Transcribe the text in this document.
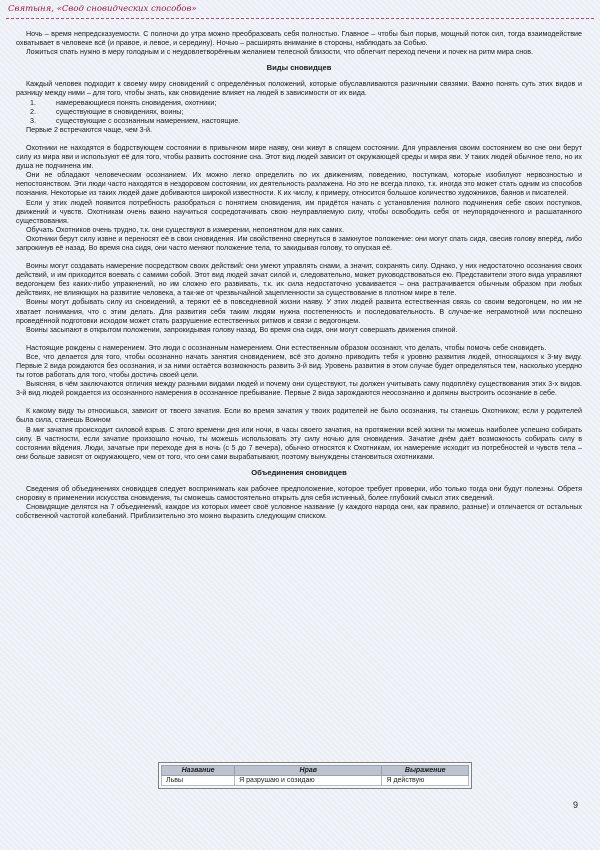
Святыня, «Свод сновидческих способов»

Ночь – время непредсказуемости. С полночи до утра можно преобразовать себя полностью. Главное – чтобы был порыв, мощный поток сил, тогда взаимодействие охватывает в человеке всё (и правое, и левое, и середину). Ночью – расширять внимание в стороны, наблюдать за Собью.

Ложиться спать нужно в меру голодным и с неудовлетворённым желанием телесной близости, что облегчит переход печени и почек на ритм мира снов.

Виды сновидцев

Каждый человек подходит к своему миру сновидений с определённых положений, которые обуславливаются разичными связями. Важно понять суть этих видов и разницу между ними – для того, чтобы знать, как сновидение влияет на людей в зависимости от их вида.

1. намеревающиеся понять сновидения, охотники;
2. существующие в сновидениях, воины;
3. существующие с осознанным намерением, настоящие.

Первые 2 встречаются чаще, чем 3-й.

Охотники не находятся в бодрствующем состоянии в привычном мире наяву, они живут в спящем состоянии. Для управления своим состоянием во сне они берут силу из мира яви и используют её для того, чтобы развить состояние сна. Этот вид людей зависит от окружающей среды и мира яви. У таких людей обычное тело, но их душа не подчинена им.

Они не обладают человеческим осознанием. Их можно легко определить по их движениям, поведению, поступкам, которые изобилуют нервозностью и непостоянством. Эти люди часто находятся в нездоровом состоянии, их деятельность разлажена. Но это не всегда плохо, т.к. иногда это может стать одним из способов познания. Некоторые из таких людей даже добиваются широкой известности. К их числу, к примеру, относится большое количество художников, баянов и писателей.

Если у этих людей появится потребность разобраться с понятием сновидения, им придётся начать с установления полного подчинения себе своих поступков, движений и чувств. Охотникам очень важно научиться сосредотачивать свою неуправляемую силу, чтобы освободить себя от неупорядоченного и расшатанного существования.

Обучать Охотников очень трудно, т.к. они существуют в измерении, непонятном для них самих.

Охотники берут силу извне и переносят её в свои сновидения. Им свойственно свернуться в замкнутое положение: они могут спать сидя, свесив голову вперёд, либо запрокинув её назад. Во время сна сидя, они часто меняют положение тела, то закидывая голову, то опуская её.

Воины могут создавать намерение посредством своих действий: они умеют управлять снами, а значит, сохранять силу. Однако, у них недостаточно осознания своих действий, и им приходится воевать с самими собой. Этот вид людей зачат силой и, следовательно, может руководствоваться ею. Представители этого вида управляют ведогонцем без каких-либо упражнений, но им сложно его развивать, т.к. их сила недостаточно усваивается – она растрачивается обычным образом при любых действиях, не влияющих на развитие человека, а так-же от чрезвычайной зацепленности за существование в плотном мире в теле.

Воины могут добывать силу из сновидений, а теряют её в повседневной жизни наяву. У этих людей развита естественная связь со своим ведогонцем, но им не хватает понимания, что с этим делать. Для развития себя таким людям нужна постепенность и последовательность. В случае-же неграмотной или поспешно проведённой подготовки исходом может стать разрушение естественных ритмов и связи с ведогонцем.

Воины засыпают в открытом положении, запрокидывая голову назад. Во время сна сидя, они могут совершать движения спиной.

Настоящие рождены с намерением. Это люди с осознанным намерением. Они естественным образом осознают, что делать, чтобы помочь себе сновидеть.

Все, что делается для того, чтобы осознанно начать занятия сновидением, всё это должно приводить тебя к уровню развития людей, относящихся к 3-му виду. Первые 2 вида рождаются без осознания, и за ними остаётся возможность развить 3-й вид. Уровень развития в этом случае будет определяться тем, насколько усердно ты готов работать для того, чтобы достичь своей цели.

Выясняя, в чём заключаются отличия между разными видами людей и почему они существуют, ты должен учитывать саму подоплёку существования этих 3-х видов. 3-й вид людей рождается из осознанного намерения в осознанное пребывание. Первые 2 вида зарождаются неосознанно и должны выстроить осознание в себе.

К какому виду ты относишься, зависит от твоего зачатия. Если во время зачатия у твоих родителей не было осознания, ты станешь Охотником; если у родителей была сила, станешь Воином

В миг зачатия происходит силовой взрыв. С этого времени дня или ночи, в часы своего зачатия, на протяжении всей жизни ты можешь наиболее успешно собирать силу. В частности, если зачатие произошло ночью, ты можешь использовать эту силу ночью для сновидения. Зачатие днём даёт возможность собирать силу в состоянии вйдения. Люди, зачатые при переходе дня в ночь (с 5 до 7 вечера), обычно относятся к Охотникам, их намерение исходит из потребностей и чувств тела – они больше зависят от окружающего, чем от того, что они сами вырабатывают, поэтому вынуждены становиться охотниками.

Объединения сновидцев

Сведения об объединениях сновидцев следует воспринимать как рабочее предположение, которое требует проверки, ибо только тогда они будут полезны. Обретя сноровку в применении искусства сновидения, ты сможешь самостоятельно открыть для себя истинный, более глубокий смысл этих сведений.

Сновидящие делятся на 7 объединений, каждое из которых имеет своё условное название (у каждого народа они, как правило, разные) и отличается от остальных собственной частотой колебаний. Приблизительно это можно выразить следующим списком.

Название	Нрав	Выражение
Львы	Я разрушаю и созидаю	Я действую
9
